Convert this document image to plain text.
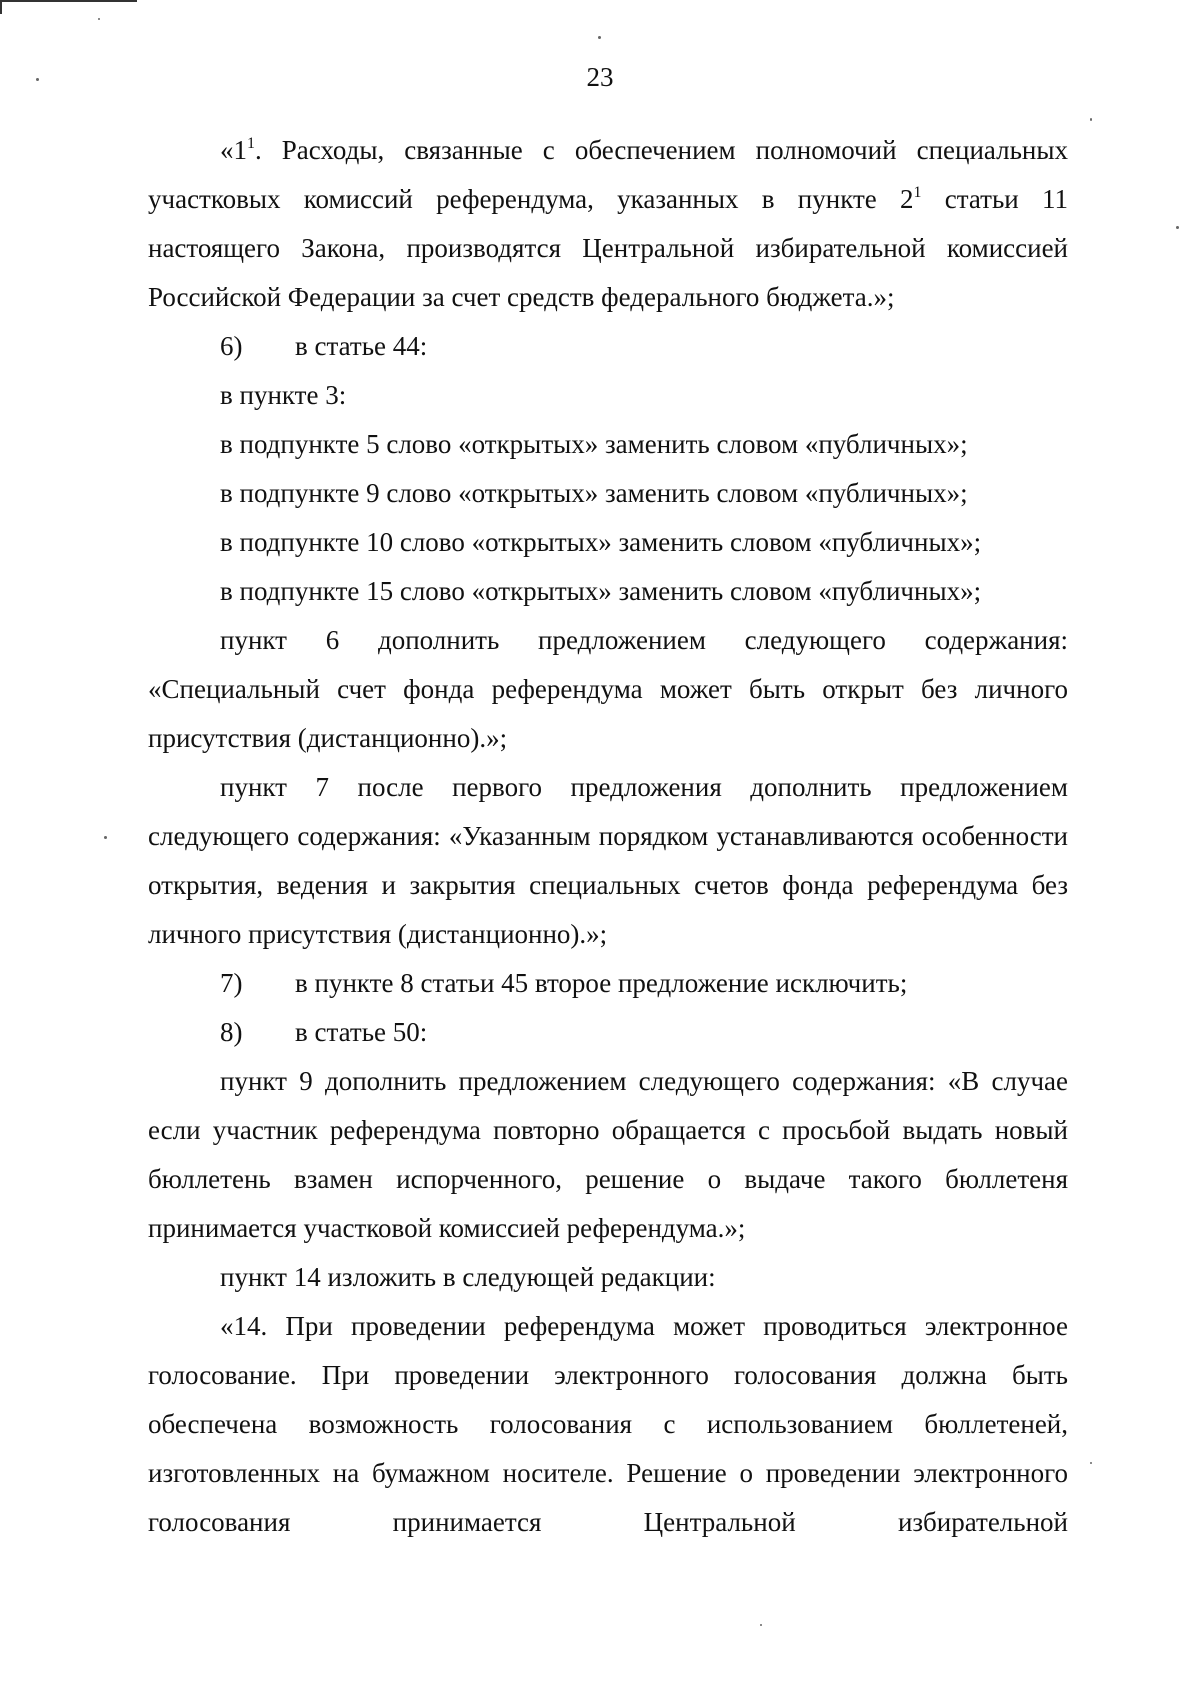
23

«$1^1$. Расходы, связанные с обеспечением полномочий специальных участковых комиссий референдума, указанных в пункте $2^1$ статьи 11 настоящего Закона, производятся Центральной избирательной комиссией Российской Федерации за счет средств федерального бюджета.»;

6)	в статье 44:

в пункте 3:

в подпункте 5 слово «открытых» заменить словом «публичных»;

в подпункте 9 слово «открытых» заменить словом «публичных»;

в подпункте 10 слово «открытых» заменить словом «публичных»;

в подпункте 15 слово «открытых» заменить словом «публичных»;

пункт 6 дополнить предложением следующего содержания: «Специальный счет фонда референдума может быть открыт без личного присутствия (дистанционно).»;

пункт 7 после первого предложения дополнить предложением следующего содержания: «Указанным порядком устанавливаются особенности открытия, ведения и закрытия специальных счетов фонда референдума без личного присутствия (дистанционно).»;

7)	в пункте 8 статьи 45 второе предложение исключить;

8)	в статье 50:

пункт 9 дополнить предложением следующего содержания: «В случае если участник референдума повторно обращается с просьбой выдать новый бюллетень взамен испорченного, решение о выдаче такого бюллетеня принимается участковой комиссией референдума.»;

пункт 14 изложить в следующей редакции:

«14. При проведении референдума может проводиться электронное голосование. При проведении электронного голосования должна быть обеспечена возможность голосования с использованием бюллетеней, изготовленных на бумажном носителе. Решение о проведении электронного голосования принимается Центральной избирательной
